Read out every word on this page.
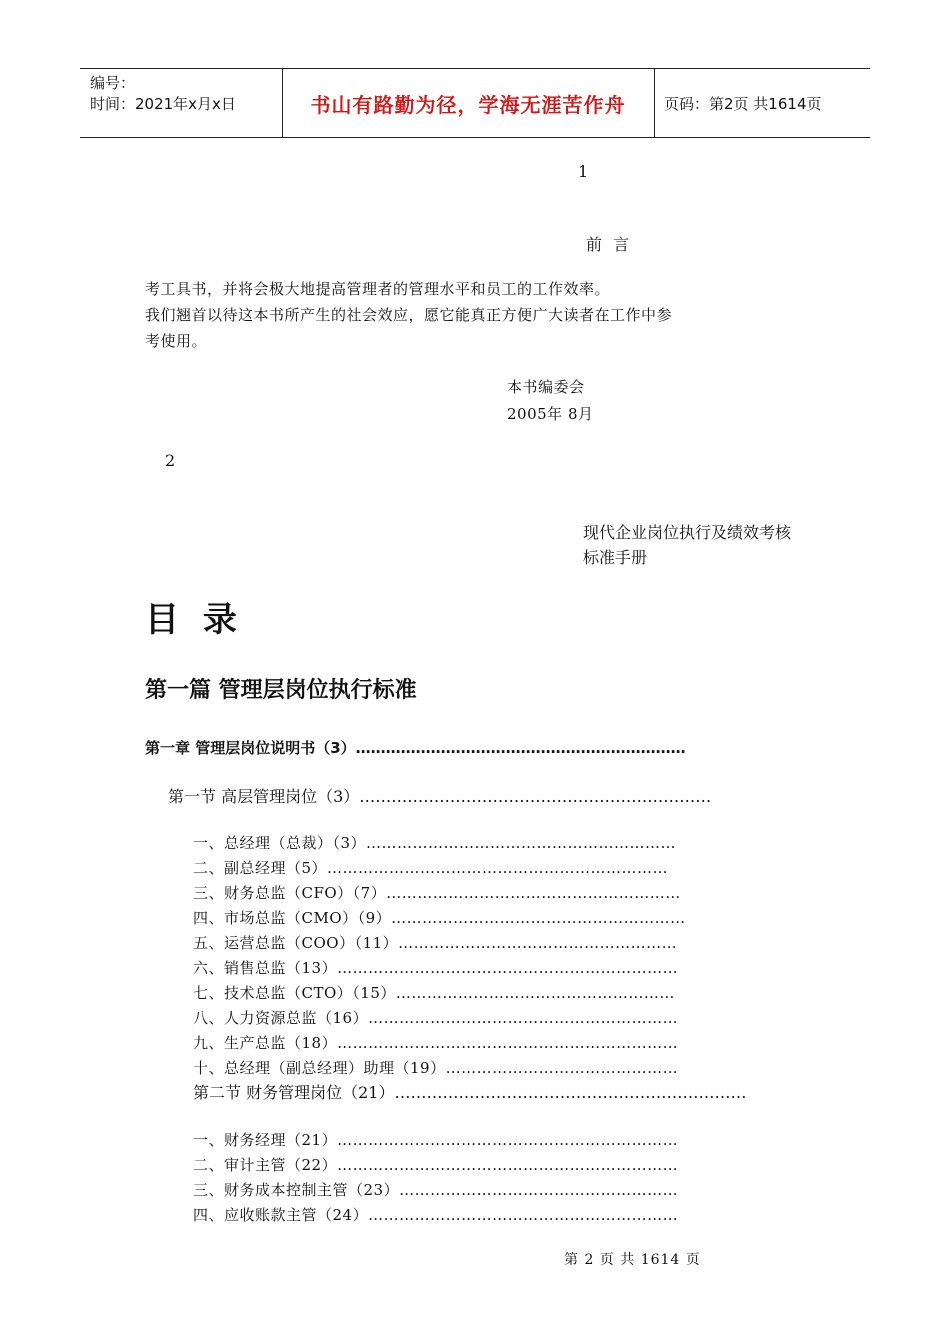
编号：
时间：2021年x月x日	书山有路勤为径，学海无涯苦作舟	页码：第2页 共1614页
1
前 言
考工具书，并将会极大地提高管理者的管理水平和员工的工作效率。
我们翘首以待这本书所产生的社会效应，愿它能真正方便广大读者在工作中参
考使用。
本书编委会
2005年 8月
2
现代企业岗位执行及绩效考核
标准手册
目 录
第一篇 管理层岗位执行标准
第一章 管理层岗位说明书（3）…………………………………………………………
第一节 高层管理岗位（3）…………………………………………………………
一、总经理（总裁）（3）……………………………………………………
二、副总经理（5）…………………………………………………………
三、财务总监（CFO）（7）…………………………………………………
四、市场总监（CMO）（9）…………………………………………………
五、运营总监（COO）（11）………………………………………………
六、销售总监（13）…………………………………………………………
七、技术总监（CTO）（15）………………………………………………
八、人力资源总监（16）……………………………………………………
九、生产总监（18）…………………………………………………………
十、总经理（副总经理）助理（19）………………………………………
第二节 财务管理岗位（21）…………………………………………………………
一、财务经理（21）…………………………………………………………
二、审计主管（22）…………………………………………………………
三、财务成本控制主管（23）………………………………………………
四、应收账款主管（24）……………………………………………………
第 2 页 共 1614 页
